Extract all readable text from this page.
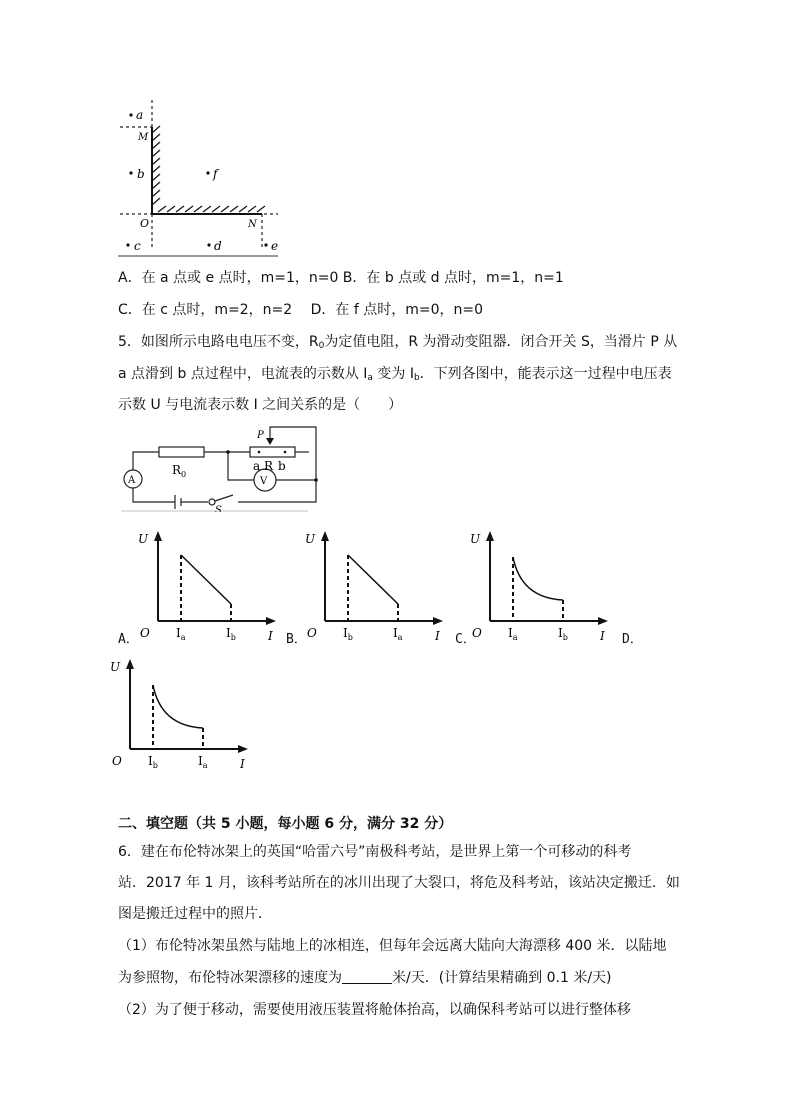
a
b	f
c	d	e
M
N
O
A．在 a 点或 e 点时，m=1，n=0 B．在 b 点或 d 点时，m=1，n=1
C．在 c 点时，m=2，n=2　 D．在 f 点时，m=0，n=0
5．如图所示电路电电压不变，$R_0$为定值电阻，R 为滑动变阻器．闭合开关 S，当滑片 P 从
a 点滑到 b 点过程中，电流表的示数从 $I_a$ 变为 $I_b$．下列各图中，能表示这一过程中电压表
示数 U 与电流表示数 I 之间关系的是（　　）
R 0
P
a R b
A	V
S
A．
U
I
O $I_a$	$I_b$	B．
U
I
O $I_b$	$I_a$	C．
U
I
O $I_a$	$I_b$	D．
U
I
O $I_b$	$I_a$
二、填空题（共 5 小题，每小题 6 分，满分 32 分）
6．建在布伦特冰架上的英国“哈雷六号”南极科考站，是世界上第一个可移动的科考
站．2017 年 1 月，该科考站所在的冰川出现了大裂口，将危及科考站，该站决定搬迁．如
图是搬迁过程中的照片．
（1）布伦特冰架虽然与陆地上的冰相连，但每年会远离大陆向大海漂移 400 米．以陆地
为参照物，布伦特冰架漂移的速度为	米/天．(计算结果精确到 0.1 米/天)
（2）为了便于移动，需要使用液压装置将舱体抬高，以确保科考站可以进行整体移
